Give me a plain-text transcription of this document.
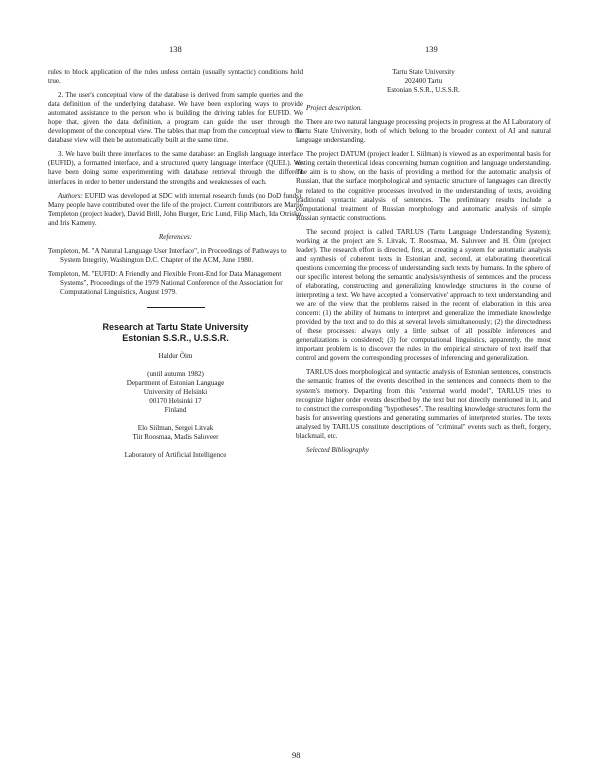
138	139

rules to block application of the rules unless certain (usually syntactic) conditions hold true.

2. The user's conceptual view of the database is derived from sample queries and the data definition of the underlying database. We have been exploring ways to provide automated assistance to the person who is building the driving tables for EUFID. We hope that, given the data definition, a program can guide the user through the development of the conceptual view. The tables that map from the conceptual view to the database view will then be automatically built at the same time.

3. We have built three interfaces to the same database: an English language interface (EUFID), a formatted interface, and a structured query language interface (QUEL). We have been doing some experimenting with database retrieval through the different interfaces in order to better understand the strengths and weaknesses of each.

Authors: EUFID was developed at SDC with internal research funds (no DoD funds). Many people have contributed over the life of the project. Current contributors are Marjie Templeton (project leader), David Brill, John Burger, Eric Lund, Filip Mach, Ida Otrisko, and Iris Kameny.

References:

Templeton, M. "A Natural Language User Interface", in Proceedings of Pathways to System Integrity, Washington D.C. Chapter of the ACM, June 1980.

Templeton, M. "EUFID: A Friendly and Flexible Front-End for Data Management Systems", Proceedings of the 1979 National Conference of the Association for Computational Linguistics, August 1979.

Research at Tartu State University
Estonian S.S.R., U.S.S.R.

Haldur Õim

(until autumn 1982)

Department of Estonian Language

University of Helsinki

00170 Helsinki 17

Finland

Elo Siilman, Sergei Litvak

Tiit Roosmaa, Madis Saluveer

Laboratory of Artificial Intelligence

Tartu State University

202400 Tartu

Estonian S.S.R., U.S.S.R.

Project description.

There are two natural language processing projects in progress at the AI Laboratory of Tartu State University, both of which belong to the broader context of AI and natural language understanding.

The project DATUM (project leader I. Siilman) is viewed as an experimental basis for testing certain theoretical ideas concerning human cognition and language understanding. The aim is to show, on the basis of providing a method for the automatic analysis of Russian, that the surface morphological and syntactic structure of languages can directly be related to the cognitive processes involved in the understanding of texts, avoiding traditional syntactic analysis of sentences. The preliminary results include a computational treatment of Russian morphology and automatic analysis of simple Russian syntactic constructions.

The second project is called TARLUS (Tartu Language Understanding System); working at the project are S. Litvak, T. Roosmaa, M. Saluveer and H. Õim (project leader). The research effort is directed, first, at creating a system for automatic analysis and synthesis of coherent texts in Estonian and, second, at elaborating theoretical questions concerning the process of understanding such texts by humans. In the sphere of our specific interest belong the semantic analysis/synthesis of sentences and the process of elaborating, constructing and generalizing knowledge structures in the course of interpreting a text. We have accepted a 'conservative' approach to text understanding and we are of the view that the problems raised in the recent of elaboration in this area concern: (1) the ability of humans to interpret and generalize the immediate knowledge provided by the text and to do this at several levels simultaneously; (2) the directedness of these processes: always only a little subset of all possible inferences and generalizations is considered; (3) for computational linguistics, apparently, the most important problem is to discover the rules in the empirical structure of text itself that control and govern the corresponding processes of inferencing and generalization.

TARLUS does morphological and syntactic analysis of Estonian sentences, constructs the semantic frames of the events described in the sentences and connects them to the system's memory. Departing from this "external world model", TARLUS tries to recognize higher order events described by the text but not directly mentioned in it, and to construct the corresponding "hypotheses". The resulting knowledge structures form the basis for answering questions and generating summaries of interpreted stories. The texts analysed by TARLUS constitute descriptions of "criminal" events such as theft, forgery, blackmail, etc.

Selected Bibliography

98
